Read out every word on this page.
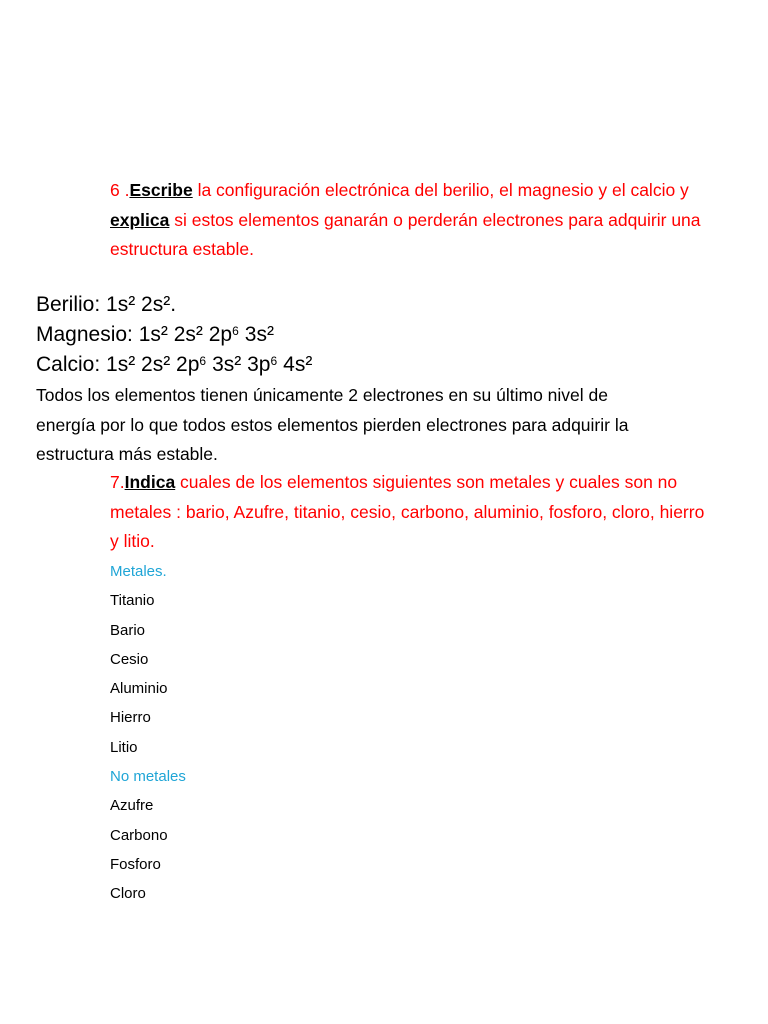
6 .Escribe la configuración electrónica del berilio, el magnesio y el calcio y explica si estos elementos ganarán o perderán electrones para adquirir una estructura estable.

Berilio: 1s² 2s².
Magnesio: 1s² 2s² $2p^6$ 3s²
Calcio: 1s² 2s² $2p^6$ 3s² $3p^6$ 4s²

Todos los elementos tienen únicamente 2 electrones en su último nivel de energía por lo que todos estos elementos pierden electrones para adquirir la estructura más estable.

7.Indica cuales de los elementos siguientes son metales y cuales son no metales : bario, Azufre, titanio, cesio, carbono, aluminio, fosforo, cloro, hierro y litio.

Metales.
Titanio
Bario
Cesio
Aluminio
Hierro
Litio
No metales
Azufre
Carbono
Fosforo
Cloro
